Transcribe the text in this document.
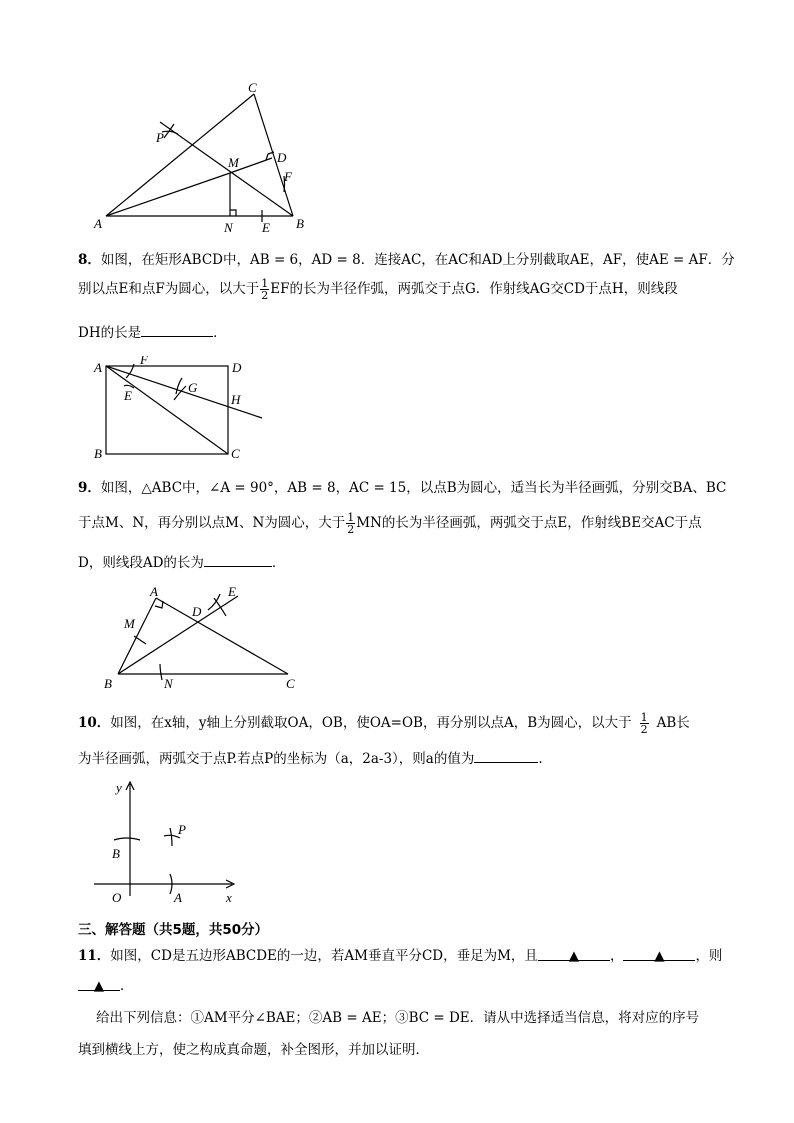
C
P
M	D
F
A	N E B
8．如图，在矩形ABCD中，AB = 6，AD = 8．连接AC，在AC和AD上分别截取AE，AF，使AE = AF．分
别以点E和点F为圆心，以大于 $\frac{1}{2}$ EF的长为半径作弧，两弧交于点G．作射线AG交CD于点H，则线段
DH的长是	．
A
F
D
G
E	H
B	C
9．如图，△ABC中，∠A = 90°，AB = 8，AC = 15，以点B为圆心，适当长为半径画弧，分别交BA、BC
于点M、N，再分别以点M、N为圆心，大于 $\frac{1}{2}$ MN的长为半径画弧，两弧交于点E，作射线BE交AC于点
D，则线段AD的长为	．
A	E
M
D
B	N	C
10．如图，在x轴，y轴上分别截取OA，OB，使OA=OB，再分别以点A，B为圆心，以大于 $\frac{1}{2}$ AB长
为半径画弧，两弧交于点P.若点P的坐标为（a，2a-3），则a的值为	.
y
P
B
O	A	x
三、解答题（共5题，共50分）
11．如图，CD是五边形ABCDE的一边，若AM垂直平分CD，垂足为M，且 ▲ ， ▲ ，则
▲ ．
给出下列信息：①AM平分∠BAE；②AB = AE；③BC = DE．请从中选择适当信息，将对应的序号
填到横线上方，使之构成真命题，补全图形，并加以证明．
